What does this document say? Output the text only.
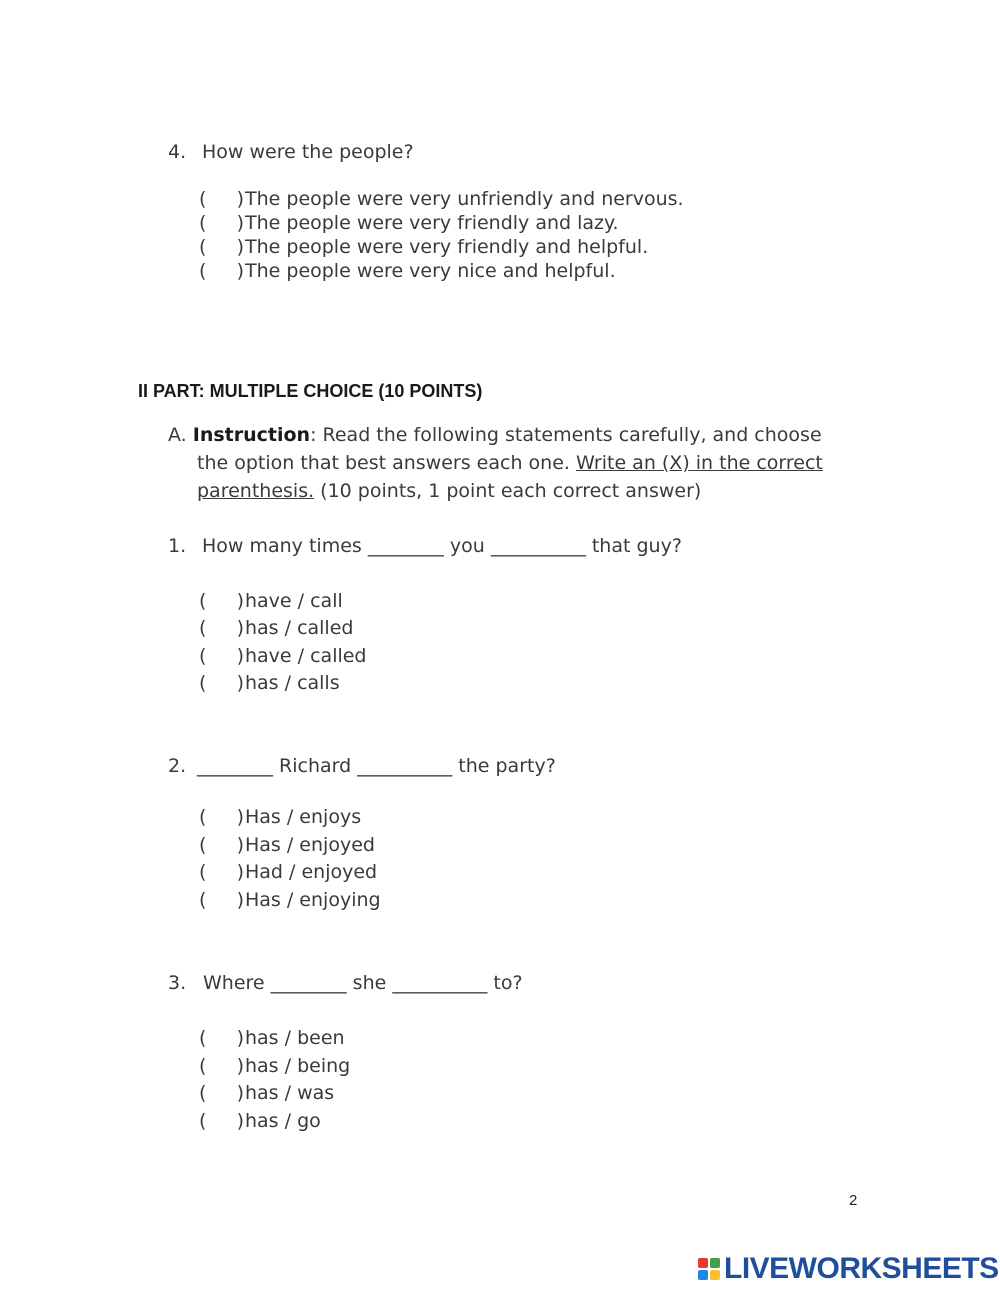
4. How were the people?
( )The people were very unfriendly and nervous.
( )The people were very friendly and lazy.
( )The people were very friendly and helpful.
( )The people were very nice and helpful.
II PART: MULTIPLE CHOICE (10 POINTS)
A. Instruction: Read the following statements carefully, and choose
the option that best answers each one. Write an (X) in the correct
parenthesis. (10 points, 1 point each correct answer)
1. How many times ________ you __________ that guy?
( )have / call
( )has / called
( )have / called
( )has / calls
2. ________ Richard __________ the party?
( )Has / enjoys
( )Has / enjoyed
( )Had / enjoyed
( )Has / enjoying
3. Where ________ she __________ to?
( )has / been
( )has / being
( )has / was
( )has / go
2
LIVEWORKSHEETS
